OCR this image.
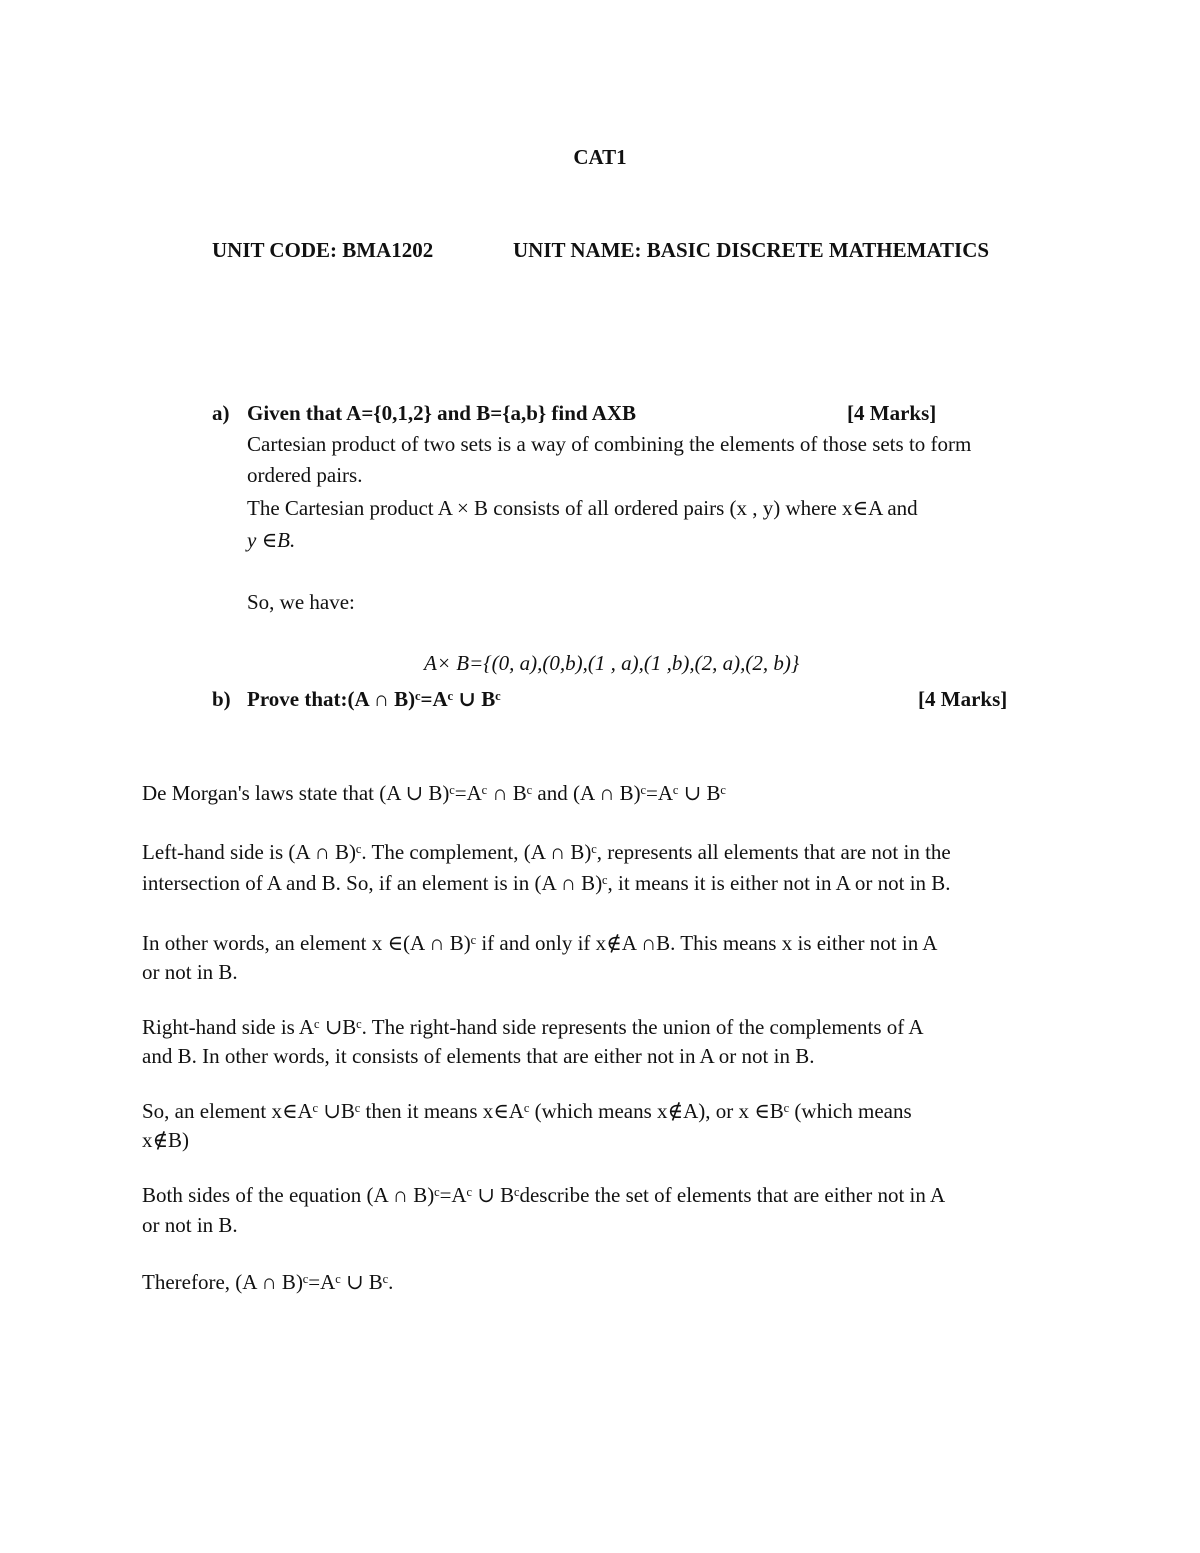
CAT1
UNIT CODE: BMA1202	UNIT NAME: BASIC DISCRETE MATHEMATICS
a) Given that A={0,1,2} and B={a,b} find AXB	[4 Marks]
Cartesian product of two sets is a way of combining the elements of those sets to form
ordered pairs.
The Cartesian product A × B consists of all ordered pairs (x , y) where x∈A and
y ∈B.
So, we have:
A× B={(0, a),(0,b),(1 , a),(1 ,b),(2, a),(2, b)}
b) Prove that:(A ∩ B)ᶜ=Aᶜ ∪ Bᶜ	[4 Marks]
De Morgan's laws state that (A ∪ B)ᶜ=Aᶜ ∩ Bᶜ and (A ∩ B)ᶜ=Aᶜ ∪ Bᶜ
Left-hand side is (A ∩ B)ᶜ. The complement, (A ∩ B)ᶜ, represents all elements that are not in the
intersection of A and B. So, if an element is in (A ∩ B)ᶜ, it means it is either not in A or not in B.
In other words, an element x ∈(A ∩ B)ᶜ if and only if x∉A ∩B. This means x is either not in A
or not in B.
Right-hand side is Aᶜ ∪Bᶜ. The right-hand side represents the union of the complements of A
and B. In other words, it consists of elements that are either not in A or not in B.
So, an element x∈Aᶜ ∪Bᶜ then it means x∈Aᶜ (which means x∉A), or x ∈Bᶜ (which means
x∉B)
Both sides of the equation (A ∩ B)ᶜ=Aᶜ ∪ Bᶜdescribe the set of elements that are either not in A
or not in B.
Therefore, (A ∩ B)ᶜ=Aᶜ ∪ Bᶜ.
